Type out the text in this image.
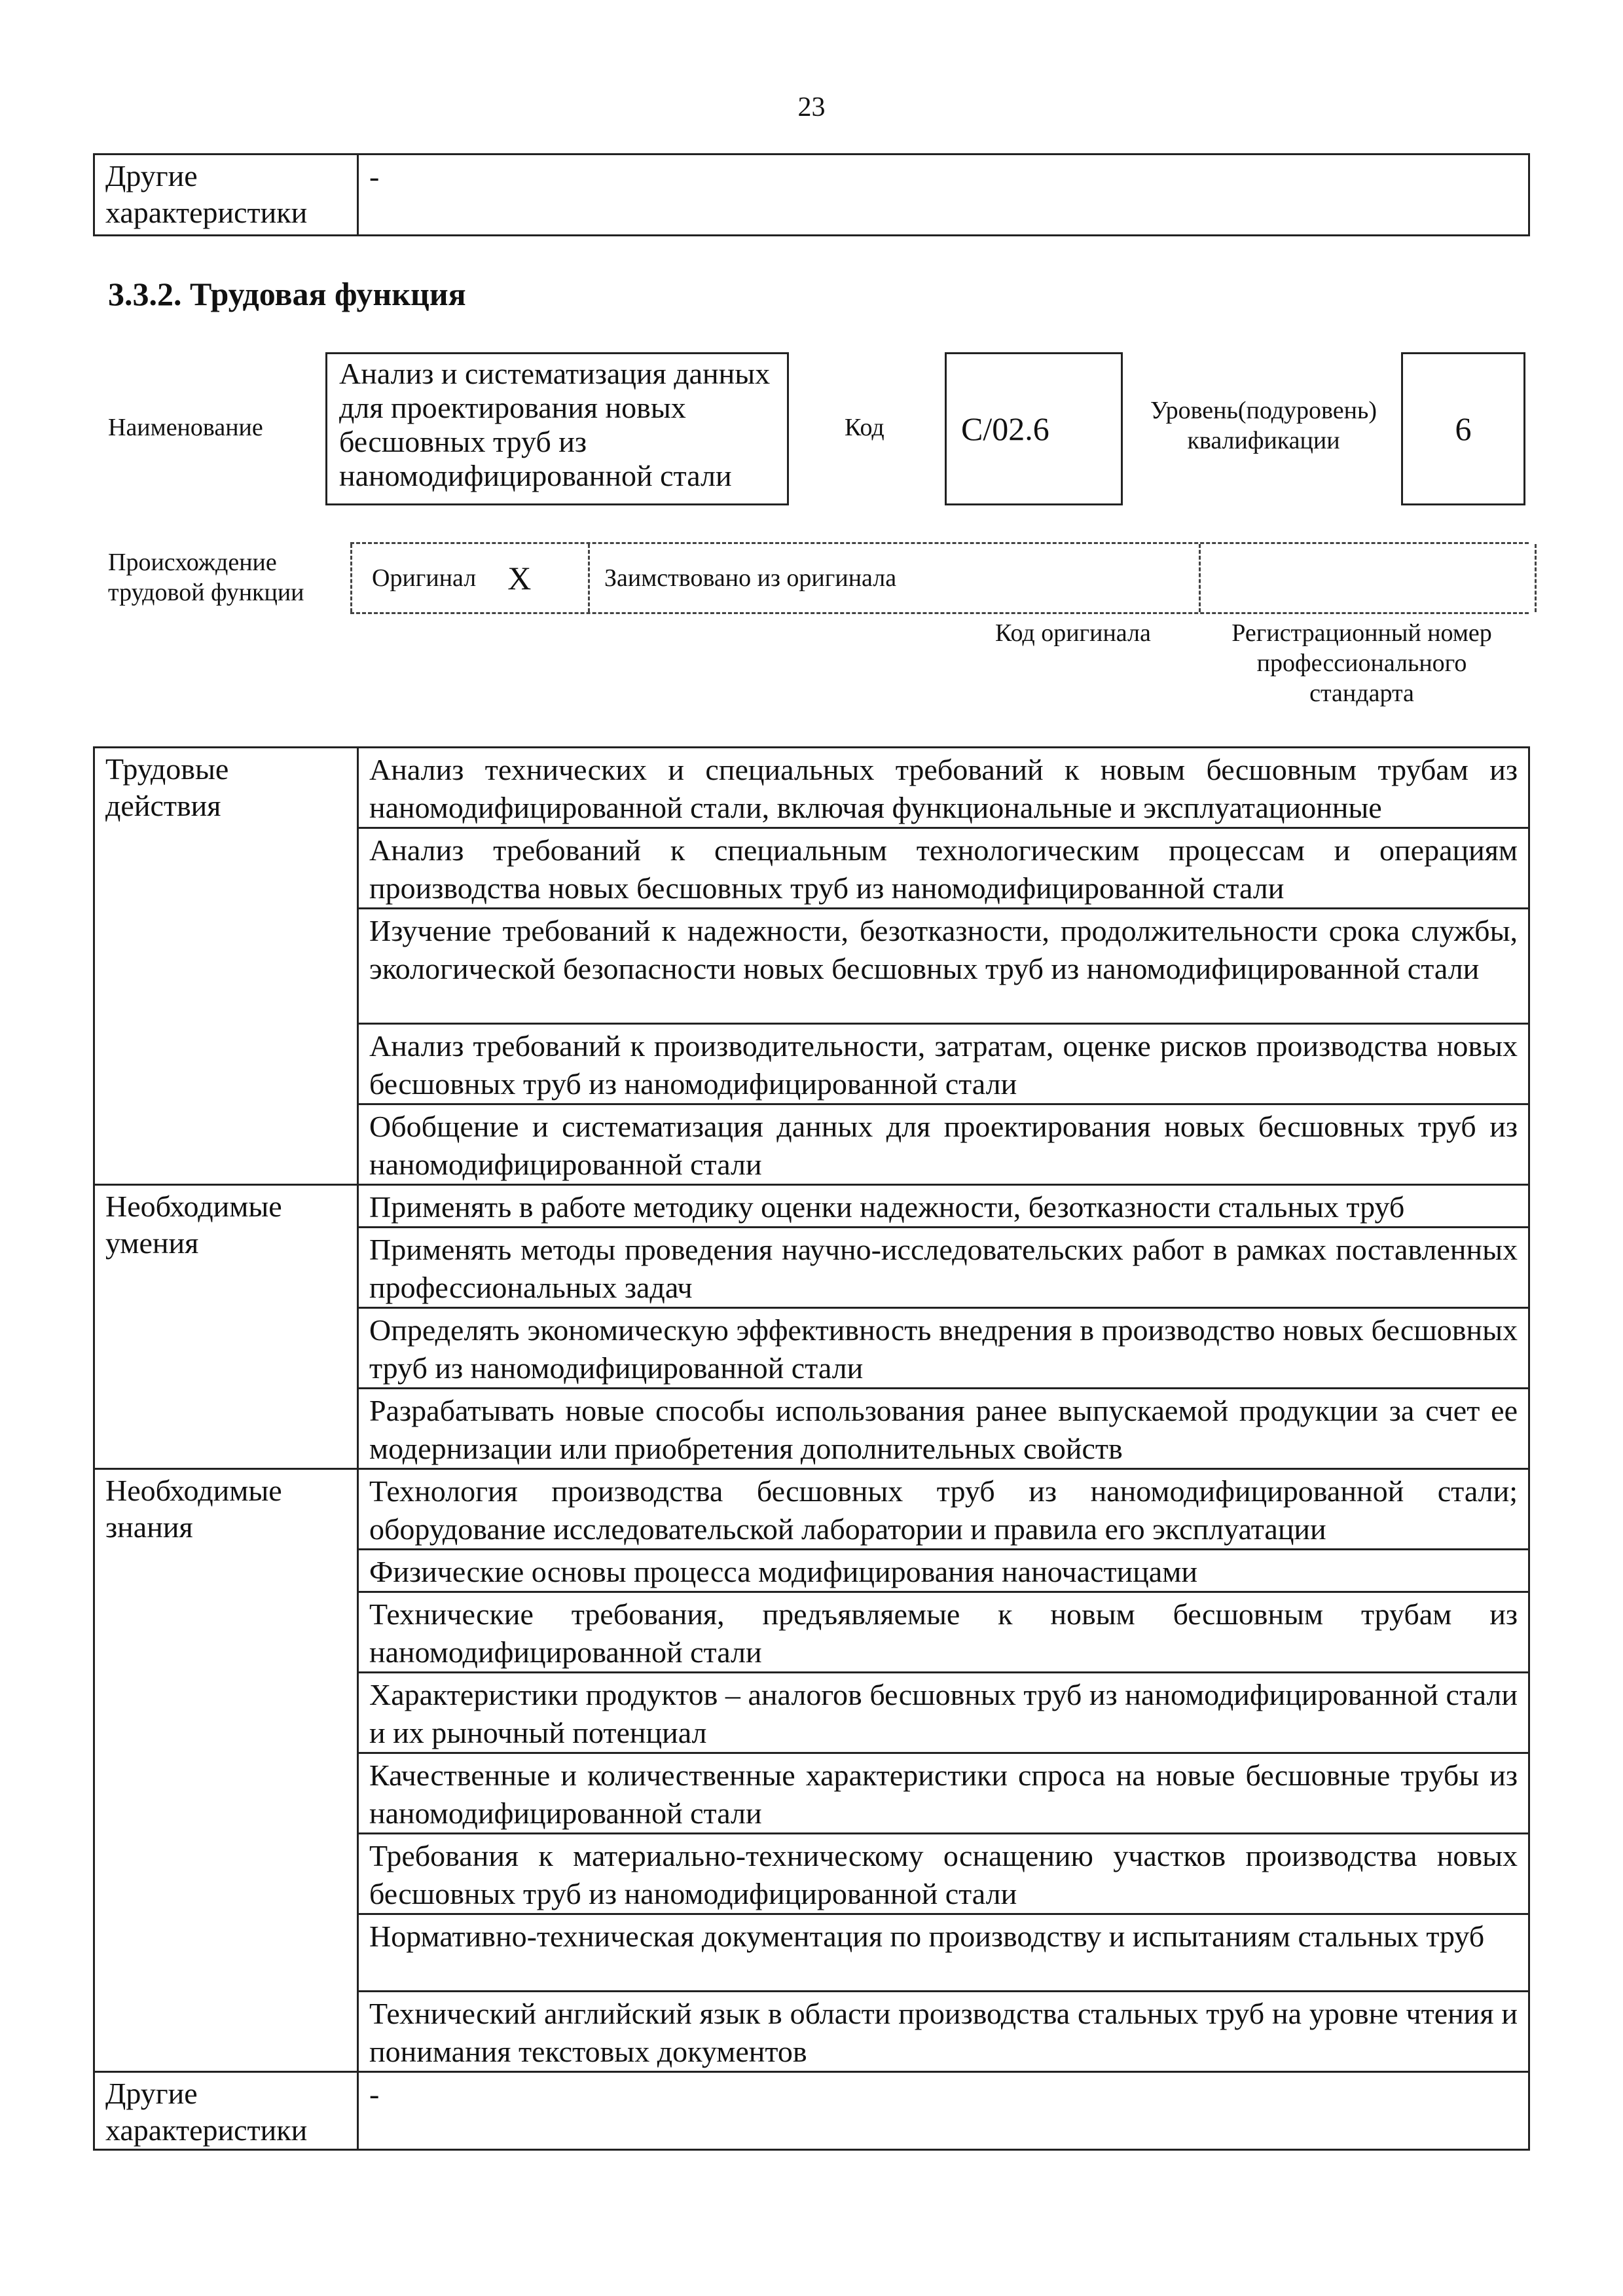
23
Другие характеристики	-
3.3.2. Трудовая функция
Наименование
Анализ и систематизация данных для проектирования новых бесшовных труб из наномодифицированной стали
Код	C/02.6	Уровень(подуровень) квалификации	6
Происхождение трудовой функции
Оригинал X	Заимствовано из оригинала
Код оригинала	Регистрационный номер профессионального стандарта
Трудовые действия	Анализ технических и специальных требований к новым бесшовным трубам из наномодифицированной стали, включая функциональные и эксплуатационные
	Анализ требований к специальным технологическим процессам и операциям производства новых бесшовных труб из наномодифицированной стали
	Изучение требований к надежности, безотказности, продолжительности срока службы, экологической безопасности новых бесшовных труб из наномодифицированной стали
	Анализ требований к производительности, затратам, оценке рисков производства новых бесшовных труб из наномодифицированной стали
	Обобщение и систематизация данных для проектирования новых бесшовных труб из наномодифицированной стали
Необходимые умения	Применять в работе методику оценки надежности, безотказности стальных труб
	Применять методы проведения научно-исследовательских работ в рамках поставленных профессиональных задач
	Определять экономическую эффективность внедрения в производство новых бесшовных труб из наномодифицированной стали
	Разрабатывать новые способы использования ранее выпускаемой продукции за счет ее модернизации или приобретения дополнительных свойств
Необходимые знания	Технология производства бесшовных труб из наномодифицированной стали; оборудование исследовательской лаборатории и правила его эксплуатации
	Физические основы процесса модифицирования наночастицами
	Технические требования, предъявляемые к новым бесшовным трубам из наномодифицированной стали
	Характеристики продуктов – аналогов бесшовных труб из наномодифицированной стали и их рыночный потенциал
	Качественные и количественные характеристики спроса на новые бесшовные трубы из наномодифицированной стали
	Требования к материально-техническому оснащению участков производства новых бесшовных труб из наномодифицированной стали
	Нормативно-техническая документация по производству и испытаниям стальных труб
	Технический английский язык в области производства стальных труб на уровне чтения и понимания текстовых документов
Другие характеристики	-
